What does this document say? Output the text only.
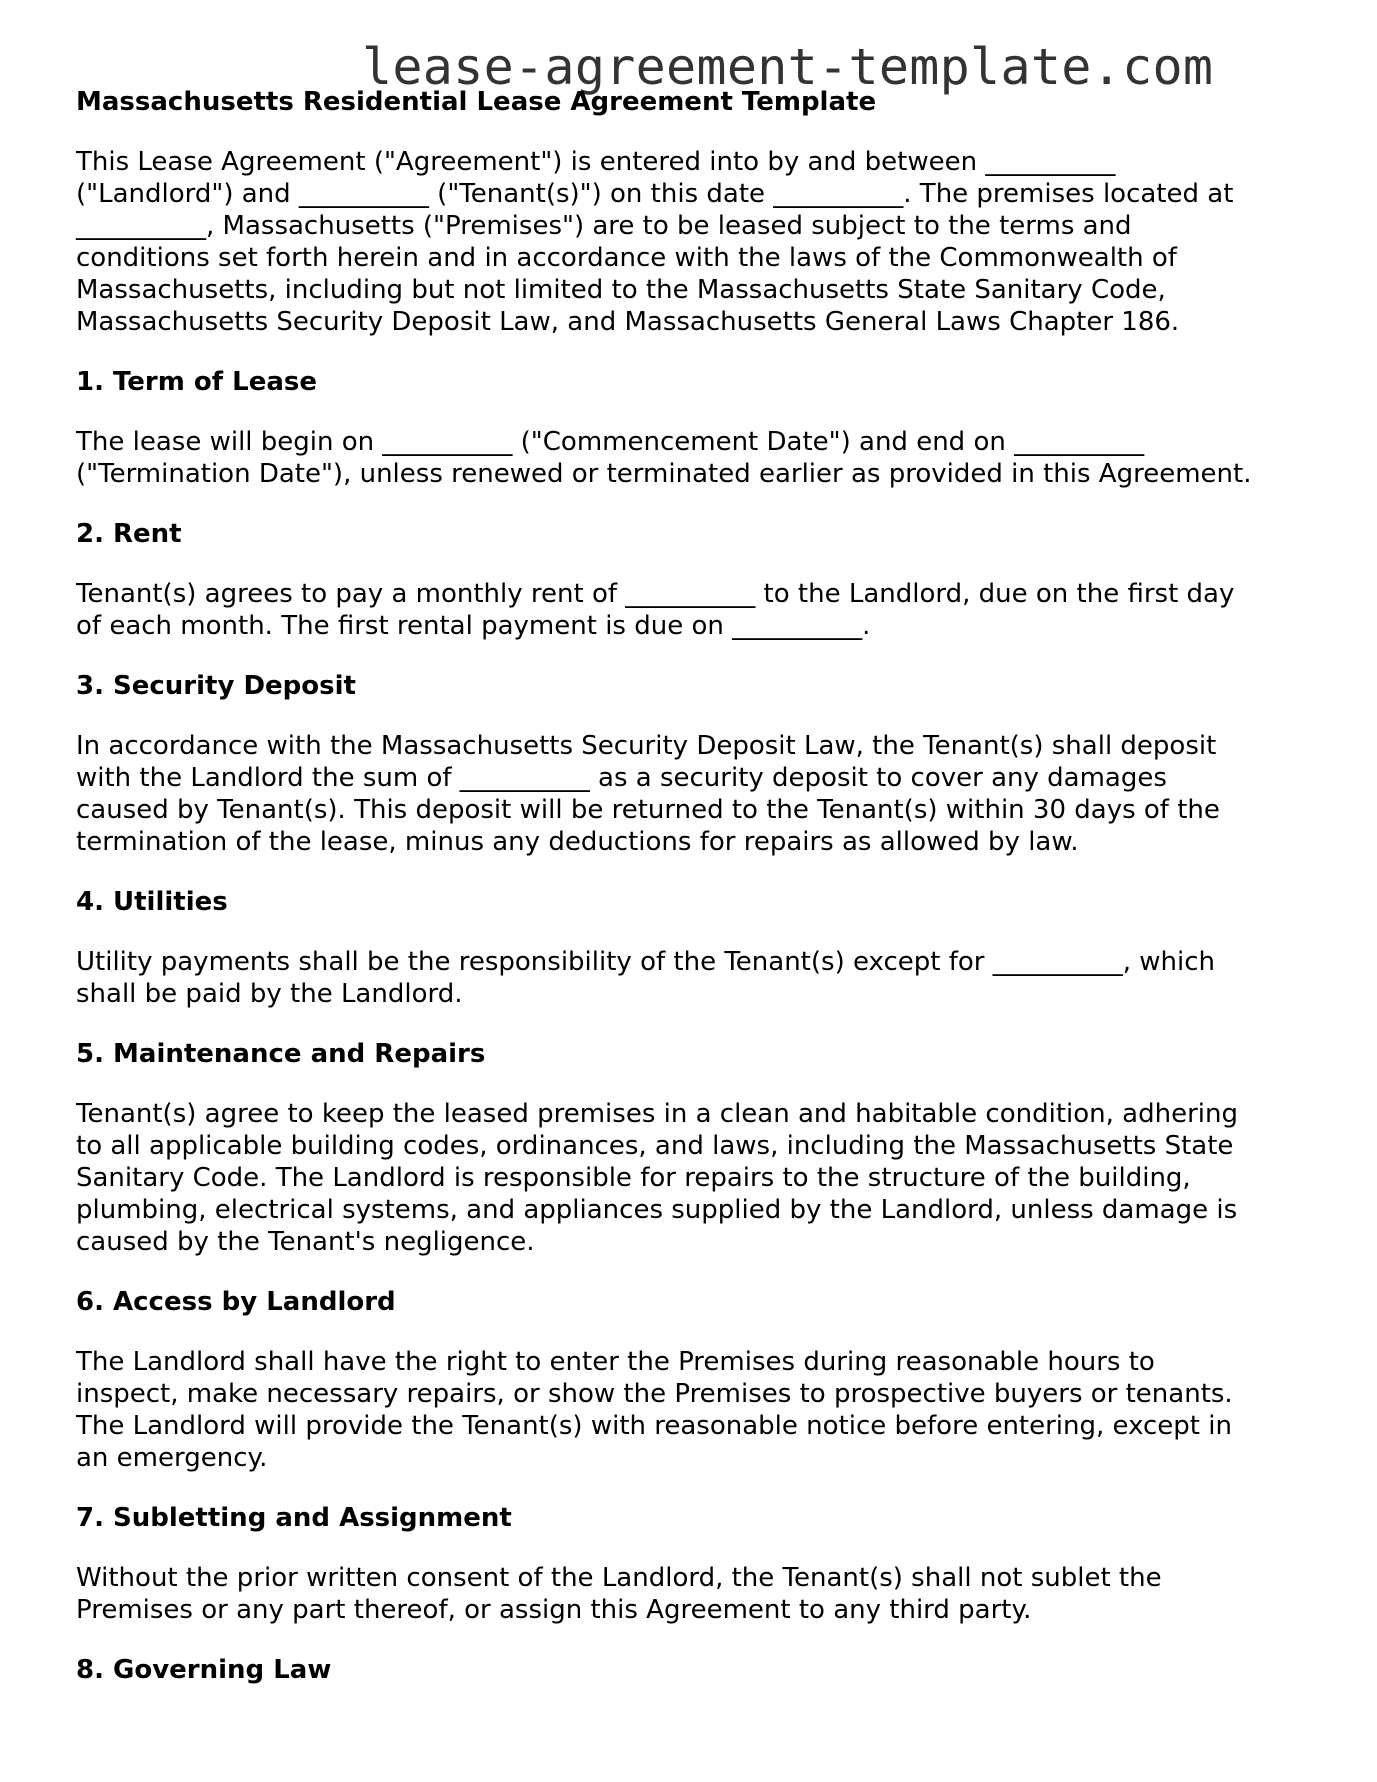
lease-agreement-template.com
Massachusetts Residential Lease Agreement Template

This Lease Agreement ("Agreement") is entered into by and between __________
("Landlord") and __________ ("Tenant(s)") on this date __________. The premises located at
__________, Massachusetts ("Premises") are to be leased subject to the terms and
conditions set forth herein and in accordance with the laws of the Commonwealth of
Massachusetts, including but not limited to the Massachusetts State Sanitary Code,
Massachusetts Security Deposit Law, and Massachusetts General Laws Chapter 186.

1. Term of Lease

The lease will begin on __________ ("Commencement Date") and end on __________
("Termination Date"), unless renewed or terminated earlier as provided in this Agreement.

2. Rent

Tenant(s) agrees to pay a monthly rent of __________ to the Landlord, due on the first day
of each month. The first rental payment is due on __________.

3. Security Deposit

In accordance with the Massachusetts Security Deposit Law, the Tenant(s) shall deposit
with the Landlord the sum of __________ as a security deposit to cover any damages
caused by Tenant(s). This deposit will be returned to the Tenant(s) within 30 days of the
termination of the lease, minus any deductions for repairs as allowed by law.

4. Utilities

Utility payments shall be the responsibility of the Tenant(s) except for __________, which
shall be paid by the Landlord.

5. Maintenance and Repairs

Tenant(s) agree to keep the leased premises in a clean and habitable condition, adhering
to all applicable building codes, ordinances, and laws, including the Massachusetts State
Sanitary Code. The Landlord is responsible for repairs to the structure of the building,
plumbing, electrical systems, and appliances supplied by the Landlord, unless damage is
caused by the Tenant's negligence.

6. Access by Landlord

The Landlord shall have the right to enter the Premises during reasonable hours to
inspect, make necessary repairs, or show the Premises to prospective buyers or tenants.
The Landlord will provide the Tenant(s) with reasonable notice before entering, except in
an emergency.

7. Subletting and Assignment

Without the prior written consent of the Landlord, the Tenant(s) shall not sublet the
Premises or any part thereof, or assign this Agreement to any third party.

8. Governing Law
